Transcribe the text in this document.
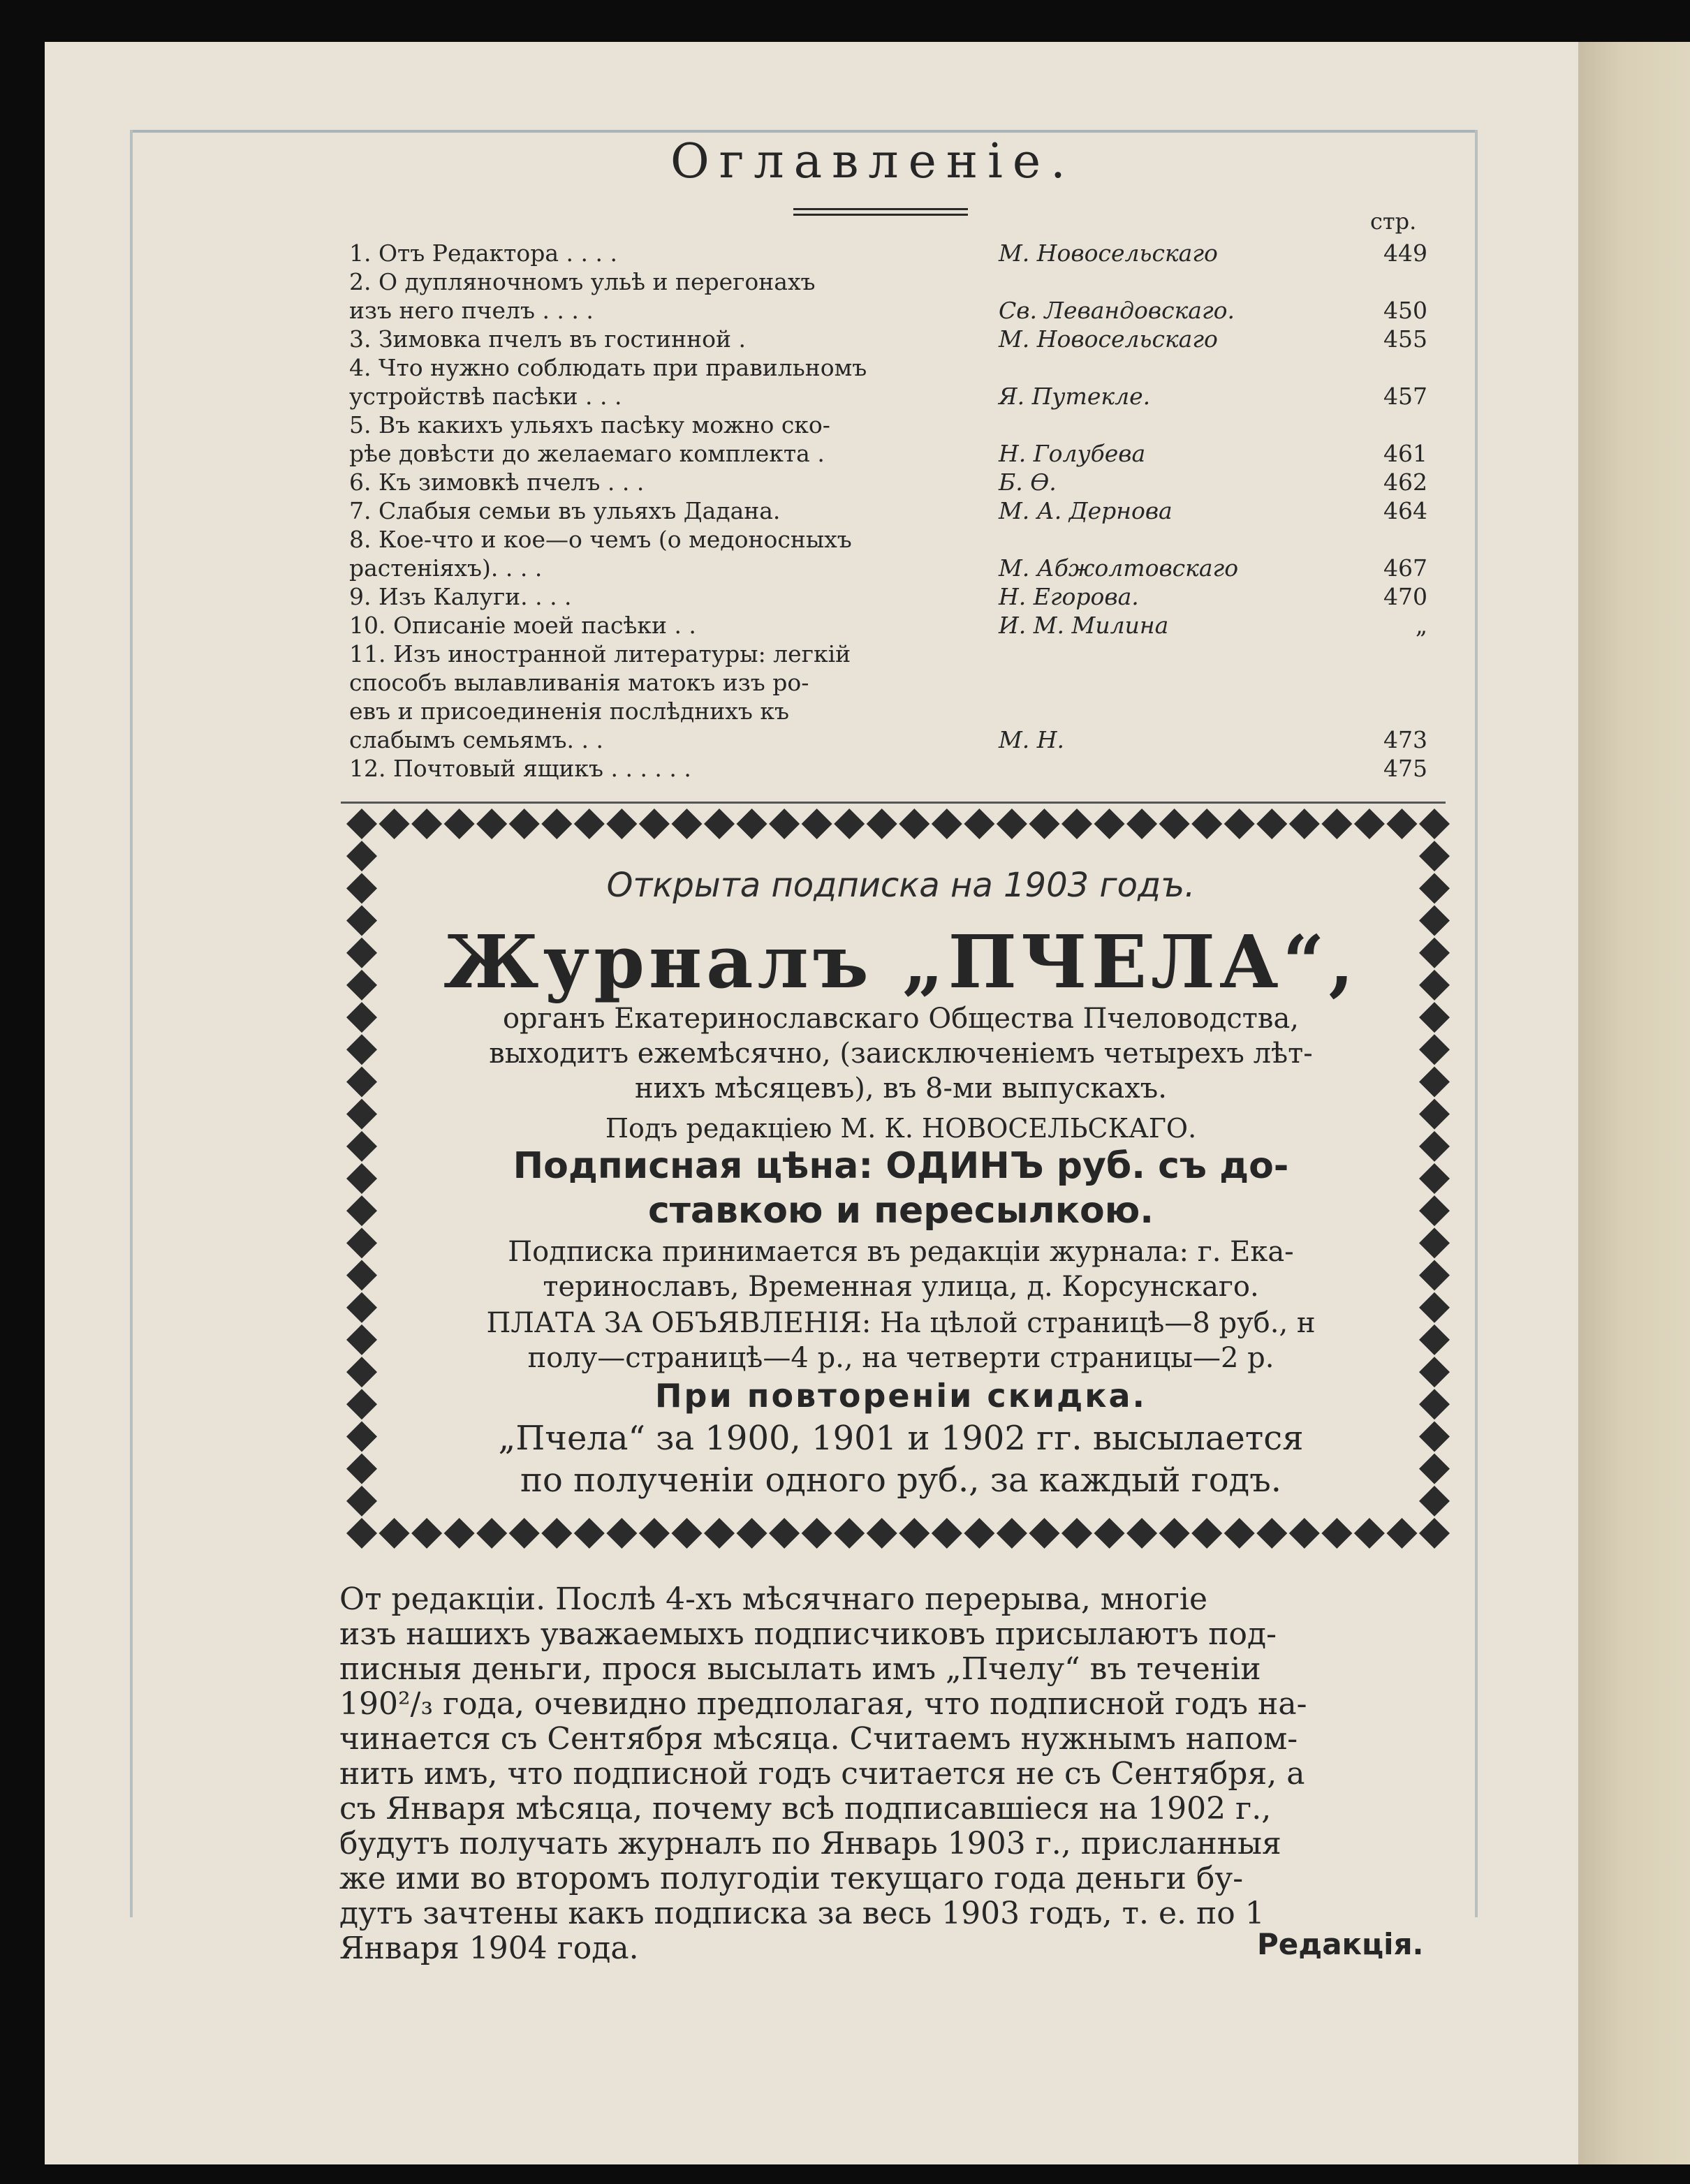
Оглавленіе.
стр.
1. Отъ Редактора . . . .	М. Новосельскаго	449
2. О дупляночномъ ульѣ и перегонахъ
изъ него пчелъ . . . .	Св. Левандовскаго.	450
3. Зимовка пчелъ въ гостинной .	М. Новосельскаго	455
4. Что нужно соблюдать при правильномъ
устройствѣ пасѣки . . .	Я. Путекле.	457
5. Въ какихъ ульяхъ пасѣку можно ско-
рѣе довѣсти до желаемаго комплекта .	Н. Голубева	461
6. Къ зимовкѣ пчелъ . . .	Б. Ѳ.	462
7. Слабыя семьи въ ульяхъ Дадана.	М. А. Дернова	464
8. Кое-что и кое—о чемъ (о медоносныхъ
растеніяхъ). . . .	М. Абжолтовскаго	467
9. Изъ Калуги. . . .	Н. Егорова.	470
10. Описаніе моей пасѣки . .	И. М. Милина	„
11. Изъ иностранной литературы: легкій
способъ вылавливанія матокъ изъ ро-
евъ и присоединенія послѣднихъ къ
слабымъ семьямъ. . .	М. Н.	473
12. Почтовый ящикъ . . . . . .	475
Открыта подписка на 1903 годъ.
Журналъ „ПЧЕЛА“,
органъ Екатеринославскаго Общества Пчеловодства,
выходитъ ежемѣсячно, (заисключеніемъ четырехъ лѣт-
нихъ мѣсяцевъ), въ 8-ми выпускахъ.
Подъ редакціею М. К. НОВОСЕЛЬСКАГО.
Подписная цѣна: ОДИНЪ руб. съ до-
ставкою и пересылкою.
Подписка принимается въ редакціи журнала: г. Ека-
теринославъ, Временная улица, д. Корсунскаго.
ПЛАТА ЗА ОБЪЯВЛЕНІЯ: На цѣлой страницѣ—8 руб., н
полу—страницѣ—4 р., на четверти страницы—2 р.
При повтореніи скидка.
„Пчела“ за 1900, 1901 и 1902 гг. высылается
по полученіи одного руб., за каждый годъ.
От редакціи. Послѣ 4-хъ мѣсячнаго перерыва, многіе
изъ нашихъ уважаемыхъ подписчиковъ присылаютъ под-
писныя деньги, прося высылать имъ „Пчелу“ въ теченіи
190²/₃ года, очевидно предполагая, что подписной годъ на-
чинается съ Сентября мѣсяца. Считаемъ нужнымъ напом-
нить имъ, что подписной годъ считается не съ Сентября, а
съ Января мѣсяца, почему всѣ подписавшіеся на 1902 г.,
будутъ получать журналъ по Январь 1903 г., присланныя
же ими во второмъ полугодіи текущаго года деньги бу-
дутъ зачтены какъ подписка за весь 1903 годъ, т. е. по 1
Января 1904 года.	Редакція.
